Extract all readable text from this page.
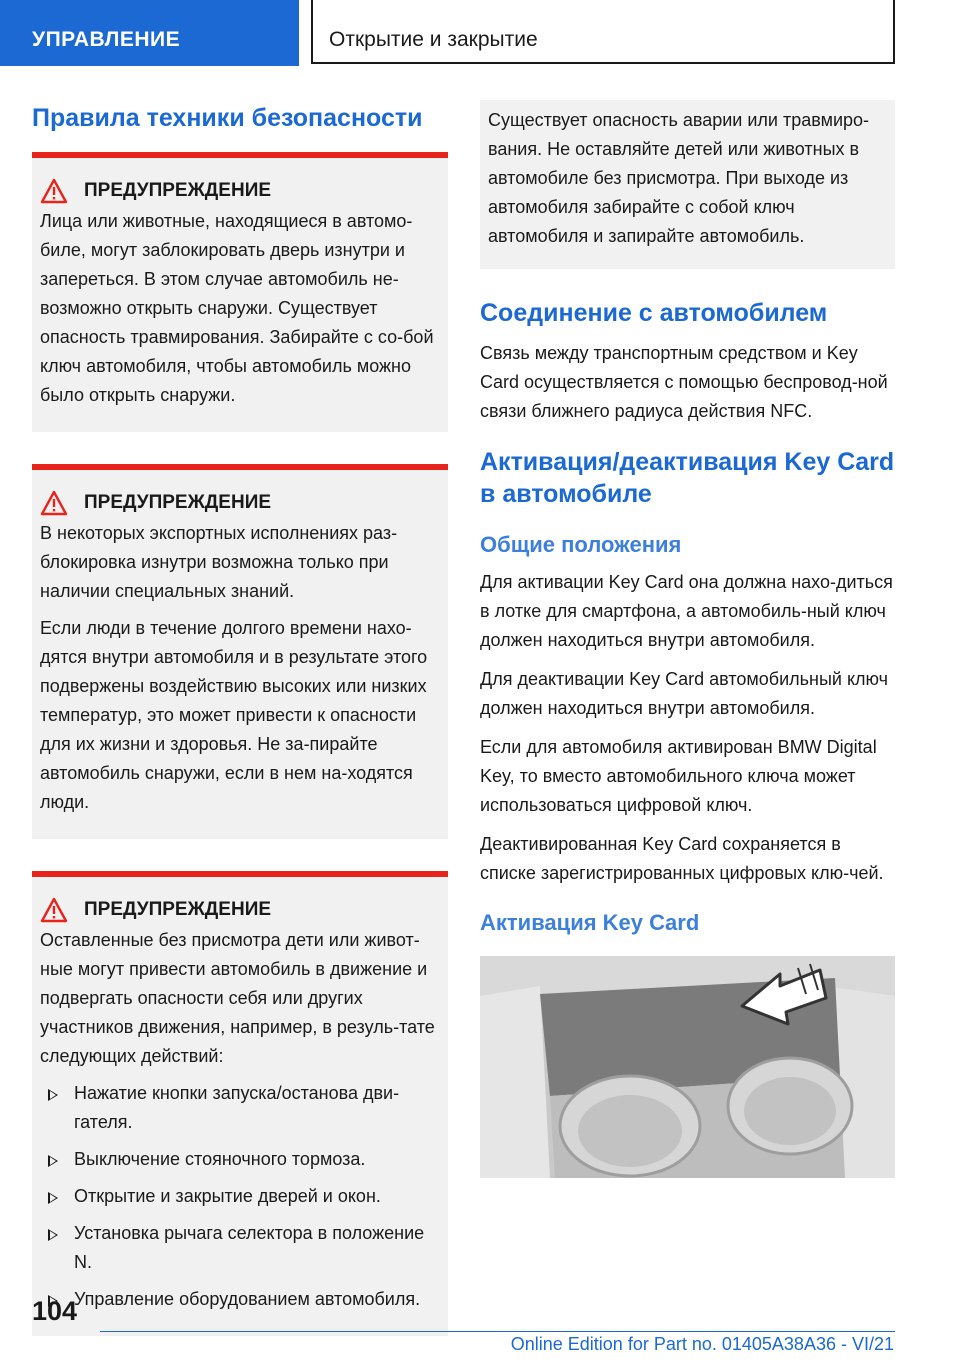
УПРАВЛЕНИЕ	Открытие и закрытие
Правила техники безопасности
ПРЕДУПРЕЖДЕНИЕ

Лица или животные, находящиеся в автомо‐биле, могут заблокировать дверь изнутри и запереться. В этом случае автомобиль не‐возможно открыть снаружи. Существует опасность травмирования. Забирайте с со‐бой ключ автомобиля, чтобы автомобиль можно было открыть снаружи.

ПРЕДУПРЕЖДЕНИЕ

В некоторых экспортных исполнениях раз‐блокировка изнутри возможна только при наличии специальных знаний.

Если люди в течение долгого времени нахо‐дятся внутри автомобиля и в результате этого подвержены воздействию высоких или низких температур, это может привести к опасности для их жизни и здоровья. Не за‐пирайте автомобиль снаружи, если в нем на‐ходятся люди.

ПРЕДУПРЕЖДЕНИЕ

Оставленные без присмотра дети или живот‐ные могут привести автомобиль в движение и подвергать опасности себя или других участников движения, например, в резуль‐тате следующих действий:

Нажатие кнопки запуска/останова дви‐гателя.
Выключение стояночного тормоза.
Открытие и закрытие дверей и окон.
Установка рычага селектора в положение N.
Управление оборудованием автомобиля.

Существует опасность аварии или травмиро‐вания. Не оставляйте детей или животных в автомобиле без присмотра. При выходе из автомобиля забирайте с собой ключ автомобиля и запирайте автомобиль.

Соединение с автомобилем

Связь между транспортным средством и Key Card осуществляется с помощью беспровод‐ной связи ближнего радиуса действия NFC.

Активация/деактивация Key Card в автомобиле
Общие положения

Для активации Key Card она должна нахо‐диться в лотке для смартфона, а автомобиль‐ный ключ должен находиться внутри автомобиля.

Для деактивации Key Card автомобильный ключ должен находиться внутри автомобиля.

Если для автомобиля активирован BMW Digital Key, то вместо автомобильного ключа может использоваться цифровой ключ.

Деактивированная Key Card сохраняется в списке зарегистрированных цифровых клю‐чей.

Активация Key Card
104
Online Edition for Part no. 01405A38A36 - VI/21
